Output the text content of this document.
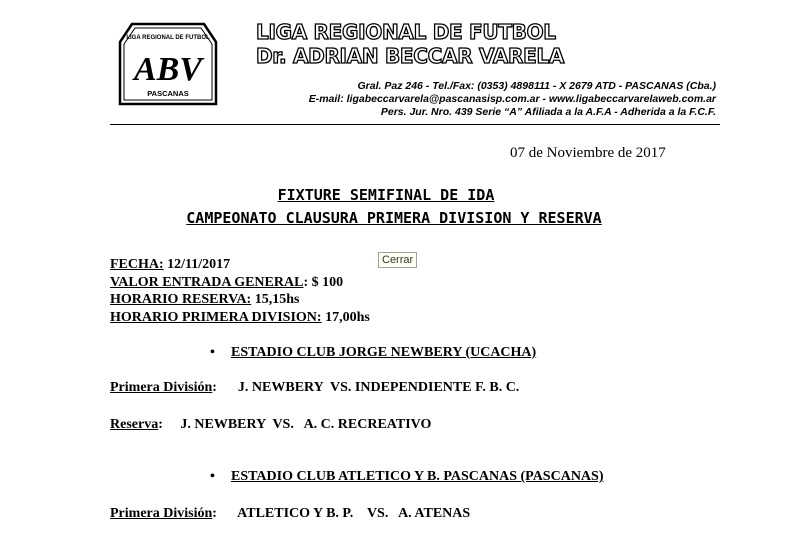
LIGA REGIONAL DE FUTBOL
ABV
PASCANAS
LIGA REGIONAL DE FUTBOL
Dr. ADRIAN BECCAR VARELA
Gral. Paz 246 - Tel./Fax: (0353) 4898111 - X 2679 ATD - PASCANAS (Cba.)
E-mail: ligabeccarvarela@pascanasisp.com.ar - www.ligabeccarvarelaweb.com.ar
Pers. Jur. Nro. 439 Serie “A” Afiliada a la A.F.A - Adherida a la F.C.F.
07 de Noviembre de 2017
FIXTURE SEMIFINAL DE IDA
CAMPEONATO CLAUSURA PRIMERA DIVISION Y RESERVA
FECHA: 12/11/2017
VALOR ENTRADA GENERAL: $ 100
HORARIO RESERVA: 15,15hs
HORARIO PRIMERA DIVISION: 17,00hs
Cerrar
• ESTADIO CLUB JORGE NEWBERY (UCACHA)
Primera División:      J. NEWBERY  VS. INDEPENDIENTE F. B. C.
Reserva:     J. NEWBERY  VS.   A. C. RECREATIVO
• ESTADIO CLUB ATLETICO Y B. PASCANAS (PASCANAS)
Primera División:      ATLETICO Y B. P.    VS.   A. ATENAS
